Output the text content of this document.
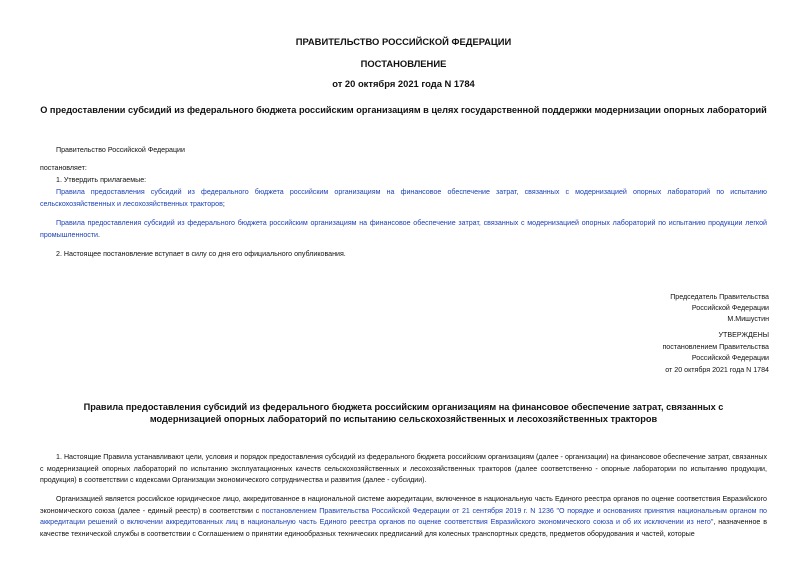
ПРАВИТЕЛЬСТВО РОССИЙСКОЙ ФЕДЕРАЦИИ
ПОСТАНОВЛЕНИЕ
от 20 октября 2021 года N 1784
О предоставлении субсидий из федерального бюджета российским организациям в целях государственной поддержки модернизации опорных лабораторий
Правительство Российской Федерации
постановляет:
1. Утвердить прилагаемые:
Правила предоставления субсидий из федерального бюджета российским организациям на финансовое обеспечение затрат, связанных с модернизацией опорных лабораторий по испытанию сельскохозяйственных и лесохозяйственных тракторов;
Правила предоставления субсидий из федерального бюджета российским организациям на финансовое обеспечение затрат, связанных с модернизацией опорных лабораторий по испытанию продукции легкой промышленности.
2. Настоящее постановление вступает в силу со дня его официального опубликования.
Председатель Правительства
Российской Федерации
М.Мишустин
УТВЕРЖДЕНЫ
постановлением Правительства
Российской Федерации
от 20 октября 2021 года N 1784
Правила предоставления субсидий из федерального бюджета российским организациям на финансовое обеспечение затрат, связанных с модернизацией опорных лабораторий по испытанию сельскохозяйственных и лесохозяйственных тракторов
1. Настоящие Правила устанавливают цели, условия и порядок предоставления субсидий из федерального бюджета российским организациям (далее - организации) на финансовое обеспечение затрат, связанных с модернизацией опорных лабораторий по испытанию эксплуатационных качеств сельскохозяйственных и лесохозяйственных тракторов (далее соответственно - опорные лаборатории по испытанию продукции, продукция) в соответствии с кодексами Организации экономического сотрудничества и развития (далее - субсидии).
Организацией является российское юридическое лицо, аккредитованное в национальной системе аккредитации, включенное в национальную часть Единого реестра органов по оценке соответствия Евразийского экономического союза (далее - единый реестр) в соответствии с постановлением Правительства Российской Федерации от 21 сентября 2019 г. N 1236 "О порядке и основаниях принятия национальным органом по аккредитации решений о включении аккредитованных лиц в национальную часть Единого реестра органов по оценке соответствия Евразийского экономического союза и об их исключении из него", назначенное в качестве технической службы в соответствии с Соглашением о принятии единообразных технических предписаний для колесных транспортных средств, предметов оборудования и частей, которые
